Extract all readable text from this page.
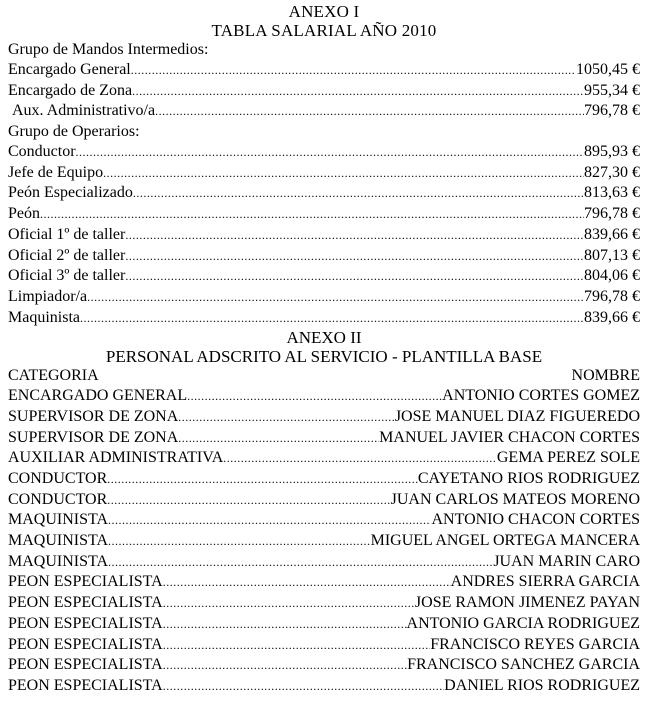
ANEXO I
TABLA SALARIAL AÑO 2010
Grupo de Mandos Intermedios:
Encargado General .....	1050,45 €
Encargado de Zona .....	955,34 €
Aux. Administrativo/a .....	796,78 €
Grupo de Operarios:
Conductor .....	895,93 €
Jefe de Equipo .....	827,30 €
Peón Especializado .....	813,63 €
Peón .....	796,78 €
Oficial 1º de taller .....	839,66 €
Oficial 2º de taller .....	807,13 €
Oficial 3º de taller .....	804,06 €
Limpiador/a .....	796,78 €
Maquinista .....	839,66 €
ANEXO II
PERSONAL ADSCRITO AL SERVICIO - PLANTILLA BASE
CATEGORIA	NOMBRE
ENCARGADO GENERAL .....	ANTONIO CORTES GOMEZ
SUPERVISOR DE ZONA .....	JOSE MANUEL DIAZ FIGUEREDO
SUPERVISOR DE ZONA .....	MANUEL JAVIER CHACON CORTES
AUXILIAR ADMINISTRATIVA .....	GEMA PEREZ SOLE
CONDUCTOR .....	CAYETANO RIOS RODRIGUEZ
CONDUCTOR .....	JUAN CARLOS MATEOS MORENO
MAQUINISTA .....	ANTONIO CHACON CORTES
MAQUINISTA .....	MIGUEL ANGEL ORTEGA MANCERA
MAQUINISTA .....	JUAN MARIN CARO
PEON ESPECIALISTA .....	ANDRES SIERRA GARCIA
PEON ESPECIALISTA .....	JOSE RAMON JIMENEZ PAYAN
PEON ESPECIALISTA .....	ANTONIO GARCIA RODRIGUEZ
PEON ESPECIALISTA .....	FRANCISCO REYES GARCIA
PEON ESPECIALISTA .....	FRANCISCO SANCHEZ GARCIA
PEON ESPECIALISTA .....	DANIEL RIOS RODRIGUEZ
